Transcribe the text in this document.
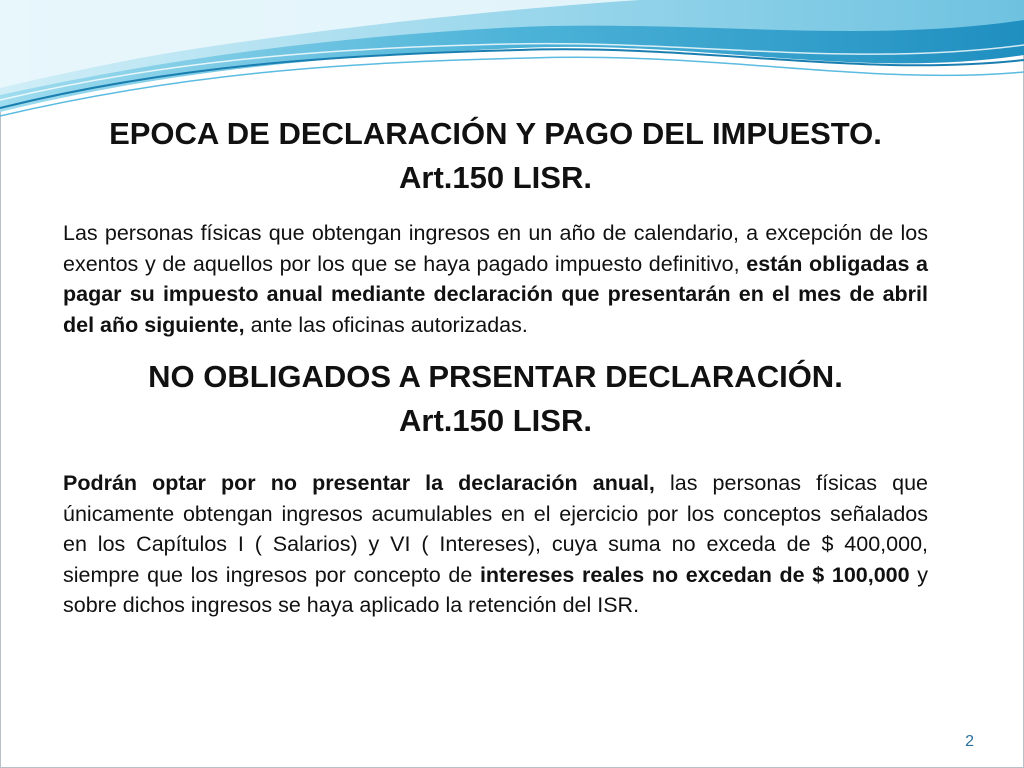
EPOCA DE DECLARACIÓN Y PAGO DEL IMPUESTO.
Art.150 LISR.

Las personas físicas que obtengan ingresos en un año de calendario, a excepción de los exentos y de aquellos por los que se haya pagado impuesto definitivo, están obligadas a pagar su impuesto anual mediante declaración que presentarán en el mes de abril del año siguiente, ante las oficinas autorizadas.

NO OBLIGADOS A PRSENTAR DECLARACIÓN.
Art.150 LISR.

Podrán optar por no presentar la declaración anual, las personas físicas que únicamente obtengan ingresos acumulables en el ejercicio por los conceptos señalados en los Capítulos I ( Salarios) y VI ( Intereses), cuya suma no exceda de $ 400,000, siempre que los ingresos por concepto de intereses reales no excedan de $ 100,000 y sobre dichos ingresos se haya aplicado la retención del ISR.

2
